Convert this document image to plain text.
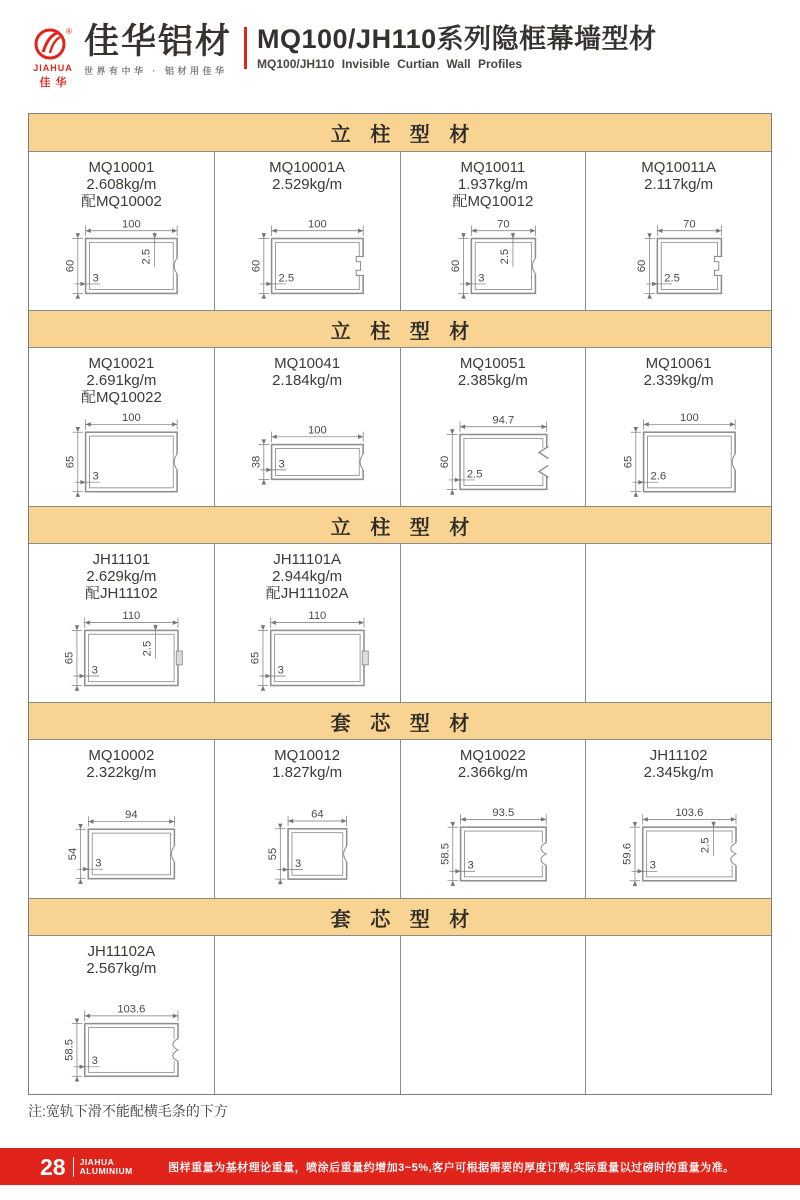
®
JIAHUA
佳华
佳华铝材
世界有中华 · 铝材用佳华
MQ100/JH110系列隐框幕墙型材
MQ100/JH110 Invisible Curtian Wall Profiles
立 柱 型 材
MQ10001
2.608kg/m
配MQ10002
100
60
3
2.5
MQ10001A
2.529kg/m
100
60
2.5
MQ10011
1.937kg/m
配MQ10012
70
60
3
2.5
MQ10011A
2.117kg/m
70
60
2.5
立 柱 型 材
MQ10021
2.691kg/m
配MQ10022
100
65
3
MQ10041
2.184kg/m
100
38 3
MQ10051
2.385kg/m
94.7
60
2.5
MQ10061
2.339kg/m
100
65
2.6
立 柱 型 材
JH11101
2.629kg/m
配JH11102
110
65
3
2.5
JH11101A
2.944kg/m
配JH11102A
110
65
3
套 芯 型 材
MQ10002
2.322kg/m
94
54
3
MQ10012
1.827kg/m
64
55
3
MQ10022
2.366kg/m
93.5
58.5
3
JH11102
2.345kg/m
103.6
59.6
3
2.5
套 芯 型 材
JH11102A
2.567kg/m
103.6
58.5
3
注:宽轨下滑不能配横毛条的下方
28 JIAHUA
ALUMINIUM	图样重量为基材理论重量，喷涂后重量约增加3~5%,客户可根据需要的厚度订购,实际重量以过磅时的重量为准。
